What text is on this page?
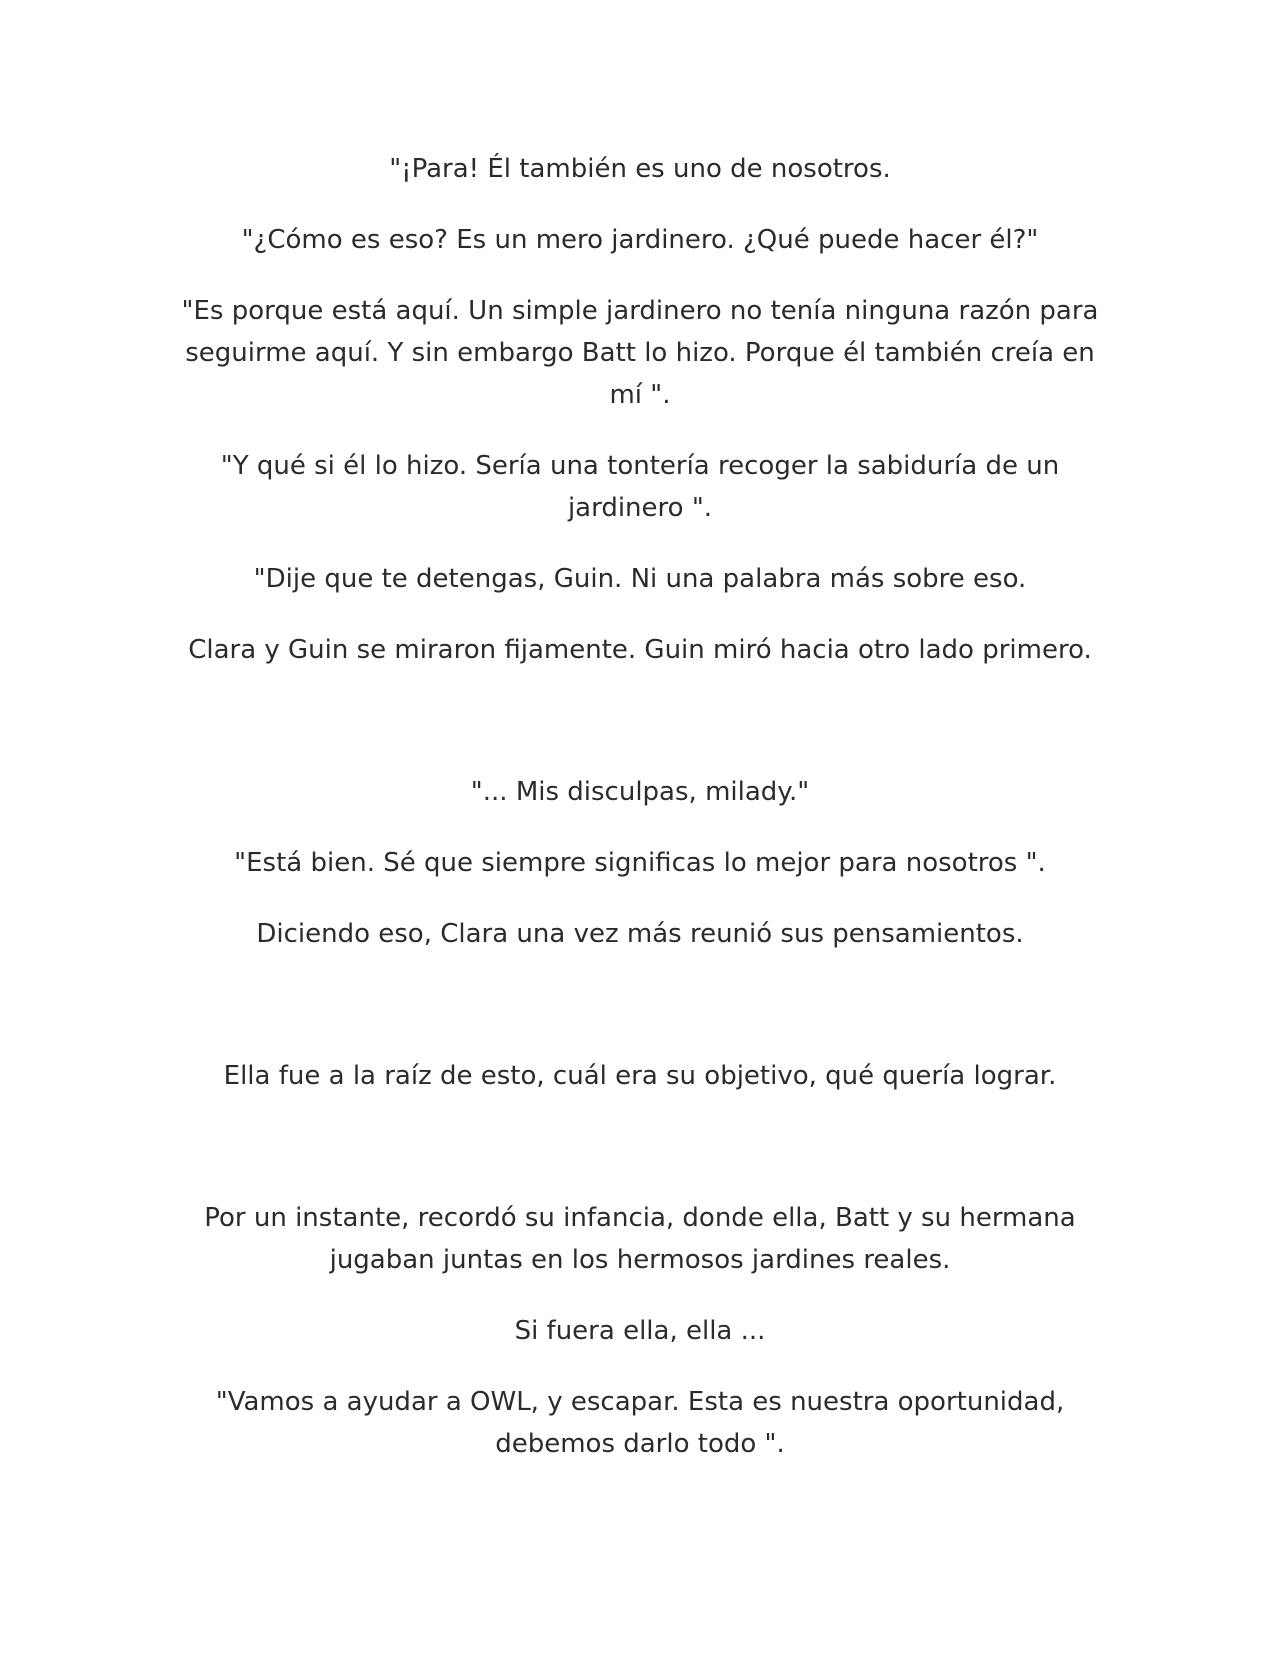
"¡Para! Él también es uno de nosotros.

"¿Cómo es eso? Es un mero jardinero. ¿Qué puede hacer él?"

"Es porque está aquí. Un simple jardinero no tenía ninguna razón para seguirme aquí. Y sin embargo Batt lo hizo. Porque él también creía en mí ".

"Y qué si él lo hizo. Sería una tontería recoger la sabiduría de un jardinero ".

"Dije que te detengas, Guin. Ni una palabra más sobre eso.

Clara y Guin se miraron fijamente. Guin miró hacia otro lado primero.

"... Mis disculpas, milady."

"Está bien. Sé que siempre significas lo mejor para nosotros ".

Diciendo eso, Clara una vez más reunió sus pensamientos.

Ella fue a la raíz de esto, cuál era su objetivo, qué quería lograr.

Por un instante, recordó su infancia, donde ella, Batt y su hermana jugaban juntas en los hermosos jardines reales.

Si fuera ella, ella ...

"Vamos a ayudar a OWL, y escapar. Esta es nuestra oportunidad, debemos darlo todo ".
